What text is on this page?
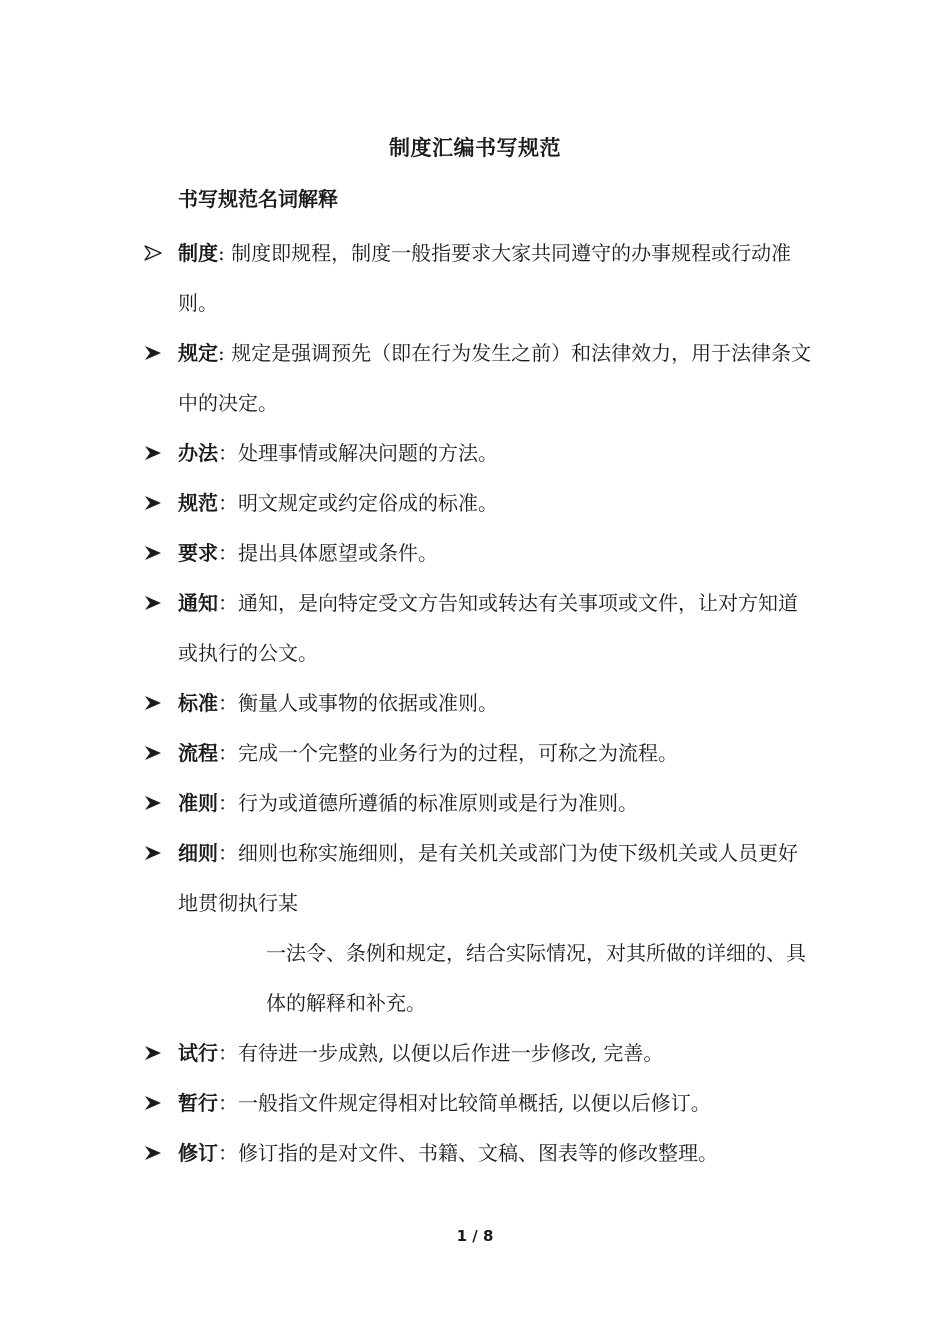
制度汇编书写规范
书写规范名词解释
制度: 制度即规程，制度一般指要求大家共同遵守的办事规程或行动准则。
规定: 规定是强调预先（即在行为发生之前）和法律效力，用于法律条文中的决定。
办法：处理事情或解决问题的方法。
规范：明文规定或约定俗成的标准。
要求：提出具体愿望或条件。
通知：通知，是向特定受文方告知或转达有关事项或文件，让对方知道或执行的公文。
标准：衡量人或事物的依据或准则。
流程：完成一个完整的业务行为的过程，可称之为流程。
准则：行为或道德所遵循的标准原则或是行为准则。
细则：细则也称实施细则，是有关机关或部门为使下级机关或人员更好地贯彻执行某
一法令、条例和规定，结合实际情况，对其所做的详细的、具体的解释和补充。
试行：有待进一步成熟, 以便以后作进一步修改, 完善。
暂行：一般指文件规定得相对比较简单概括, 以便以后修订。
修订：修订指的是对文件、书籍、文稿、图表等的修改整理。
1 / 8
